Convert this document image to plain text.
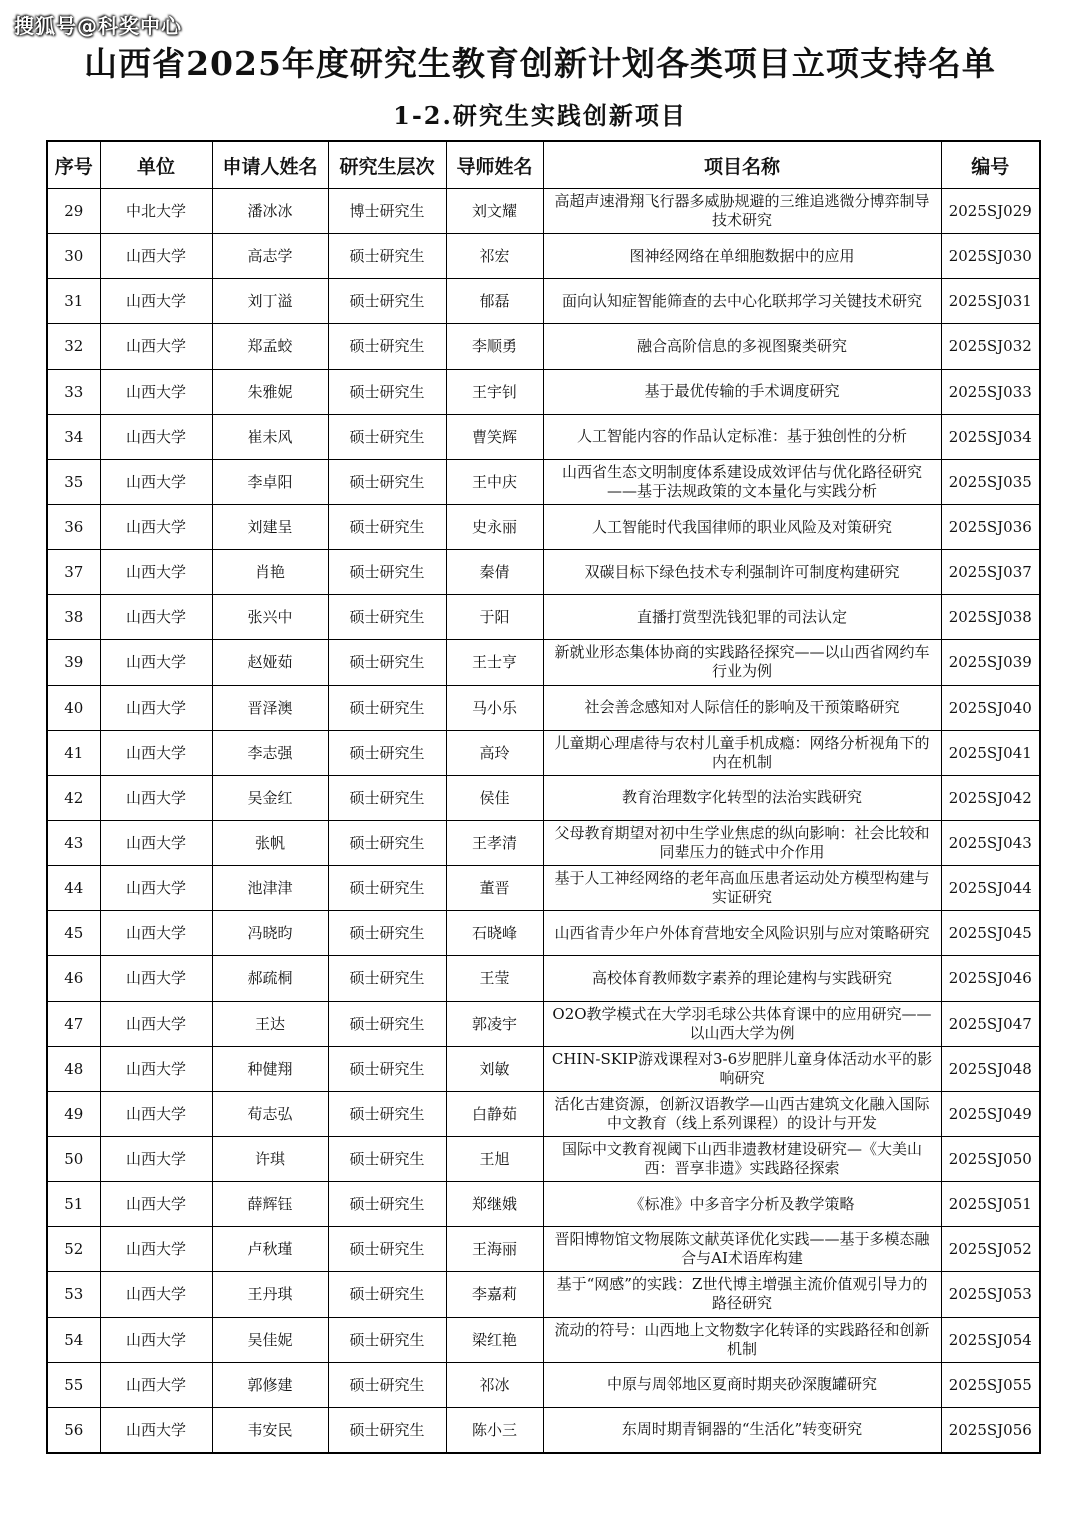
搜狐号@科奖中心
山西省2025年度研究生教育创新计划各类项目立项支持名单
1-2.研究生实践创新项目
序号	单位	申请人姓名	研究生层次	导师姓名	项目名称	编号
29	中北大学	潘冰冰	博士研究生	刘文耀	高超声速滑翔飞行器多威胁规避的三维追逃微分博弈制导技术研究	2025SJ029
30	山西大学	高志学	硕士研究生	祁宏	图神经网络在单细胞数据中的应用	2025SJ030
31	山西大学	刘丁溢	硕士研究生	郁磊	面向认知症智能筛查的去中心化联邦学习关键技术研究	2025SJ031
32	山西大学	郑孟蛟	硕士研究生	李顺勇	融合高阶信息的多视图聚类研究	2025SJ032
33	山西大学	朱雅妮	硕士研究生	王宇钊	基于最优传输的手术调度研究	2025SJ033
34	山西大学	崔未风	硕士研究生	曹笑辉	人工智能内容的作品认定标准：基于独创性的分析	2025SJ034
35	山西大学	李卓阳	硕士研究生	王中庆	山西省生态文明制度体系建设成效评估与优化路径研究——基于法规政策的文本量化与实践分析	2025SJ035
36	山西大学	刘建呈	硕士研究生	史永丽	人工智能时代我国律师的职业风险及对策研究	2025SJ036
37	山西大学	肖艳	硕士研究生	秦倩	双碳目标下绿色技术专利强制许可制度构建研究	2025SJ037
38	山西大学	张兴中	硕士研究生	于阳	直播打赏型洗钱犯罪的司法认定	2025SJ038
39	山西大学	赵娅茹	硕士研究生	王士亨	新就业形态集体协商的实践路径探究——以山西省网约车行业为例	2025SJ039
40	山西大学	晋泽澳	硕士研究生	马小乐	社会善念感知对人际信任的影响及干预策略研究	2025SJ040
41	山西大学	李志强	硕士研究生	高玲	儿童期心理虐待与农村儿童手机成瘾：网络分析视角下的内在机制	2025SJ041
42	山西大学	吴金红	硕士研究生	侯佳	教育治理数字化转型的法治实践研究	2025SJ042
43	山西大学	张帆	硕士研究生	王孝清	父母教育期望对初中生学业焦虑的纵向影响：社会比较和同辈压力的链式中介作用	2025SJ043
44	山西大学	池津津	硕士研究生	董晋	基于人工神经网络的老年高血压患者运动处方模型构建与实证研究	2025SJ044
45	山西大学	冯晓昀	硕士研究生	石晓峰	山西省青少年户外体育营地安全风险识别与应对策略研究	2025SJ045
46	山西大学	郝疏桐	硕士研究生	王莹	高校体育教师数字素养的理论建构与实践研究	2025SJ046
47	山西大学	王达	硕士研究生	郭凌宇	O2O教学模式在大学羽毛球公共体育课中的应用研究——以山西大学为例	2025SJ047
48	山西大学	种健翔	硕士研究生	刘敏	CHIN-SKIP游戏课程对3-6岁肥胖儿童身体活动水平的影响研究	2025SJ048
49	山西大学	荀志弘	硕士研究生	白静茹	活化古建资源，创新汉语教学—山西古建筑文化融入国际中文教育（线上系列课程）的设计与开发	2025SJ049
50	山西大学	许琪	硕士研究生	王旭	国际中文教育视阈下山西非遗教材建设研究—《大美山西：晋享非遗》实践路径探索	2025SJ050
51	山西大学	薛辉钰	硕士研究生	郑继娥	《标准》中多音字分析及教学策略	2025SJ051
52	山西大学	卢秋瑾	硕士研究生	王海丽	晋阳博物馆文物展陈文献英译优化实践——基于多模态融合与AI术语库构建	2025SJ052
53	山西大学	王丹琪	硕士研究生	李嘉莉	基于“网感”的实践：Z世代博主增强主流价值观引导力的路径研究	2025SJ053
54	山西大学	吴佳妮	硕士研究生	梁红艳	流动的符号：山西地上文物数字化转译的实践路径和创新机制	2025SJ054
55	山西大学	郭修建	硕士研究生	祁冰	中原与周邻地区夏商时期夹砂深腹罐研究	2025SJ055
56	山西大学	韦安民	硕士研究生	陈小三	东周时期青铜器的“生活化”转变研究	2025SJ056
